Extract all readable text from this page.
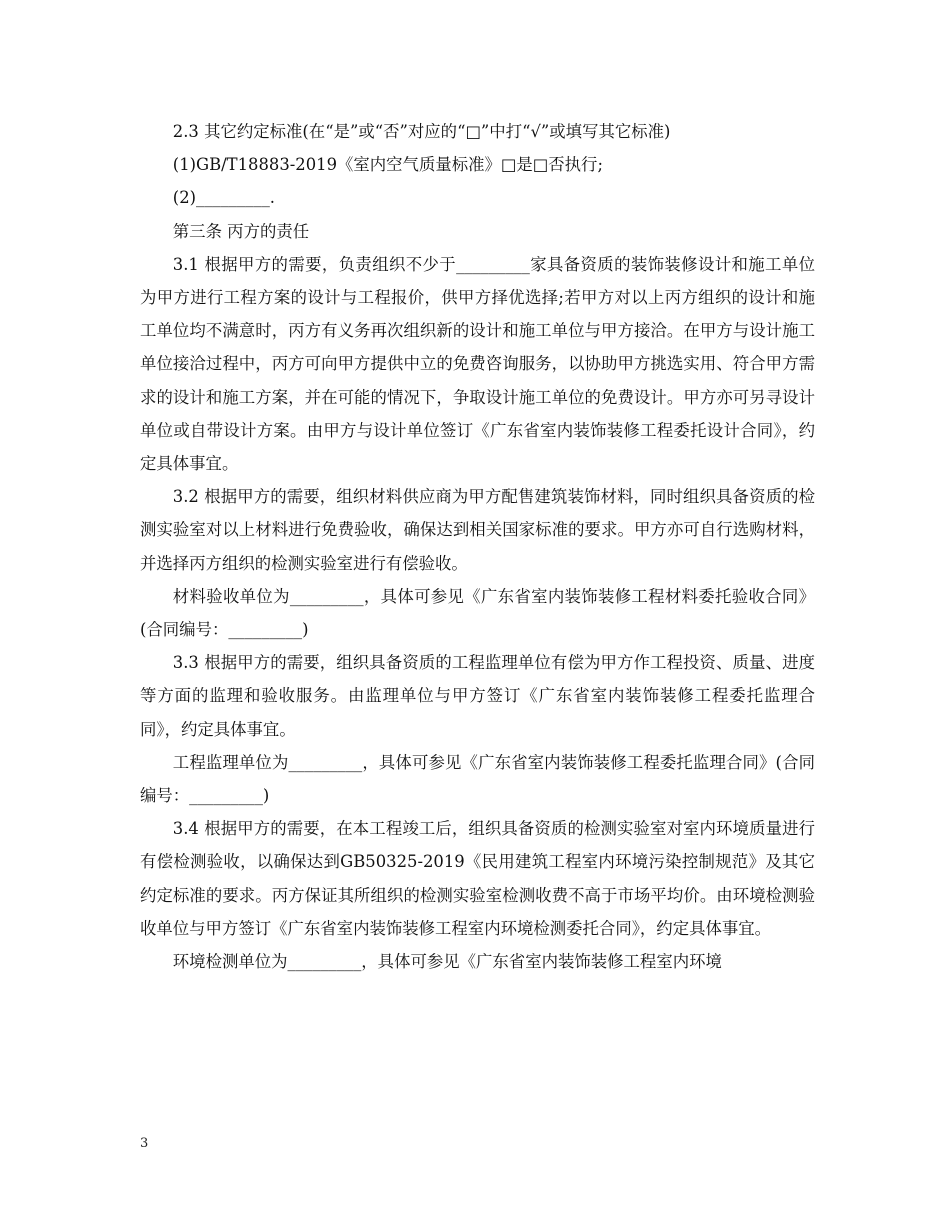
2.3 其它约定标准(在“是”或“否”对应的“□”中打“√”或填写其它标准)

(1)GB/T18883-2019《室内空气质量标准》□是□否执行;

(2)_________.

第三条 丙方的责任

3.1 根据甲方的需要，负责组织不少于_________家具备资质的装饰装修设计和施工单位为甲方进行工程方案的设计与工程报价，供甲方择优选择;若甲方对以上丙方组织的设计和施工单位均不满意时，丙方有义务再次组织新的设计和施工单位与甲方接洽。在甲方与设计施工单位接洽过程中，丙方可向甲方提供中立的免费咨询服务，以协助甲方挑选实用、符合甲方需求的设计和施工方案，并在可能的情况下，争取设计施工单位的免费设计。甲方亦可另寻设计单位或自带设计方案。由甲方与设计单位签订《广东省室内装饰装修工程委托设计合同》，约定具体事宜。

3.2 根据甲方的需要，组织材料供应商为甲方配售建筑装饰材料，同时组织具备资质的检测实验室对以上材料进行免费验收，确保达到相关国家标准的要求。甲方亦可自行选购材料，并选择丙方组织的检测实验室进行有偿验收。

材料验收单位为_________，具体可参见《广东省室内装饰装修工程材料委托验收合同》(合同编号：_________)

3.3 根据甲方的需要，组织具备资质的工程监理单位有偿为甲方作工程投资、质量、进度等方面的监理和验收服务。由监理单位与甲方签订《广东省室内装饰装修工程委托监理合同》，约定具体事宜。

工程监理单位为_________，具体可参见《广东省室内装饰装修工程委托监理合同》(合同编号：_________)

3.4 根据甲方的需要，在本工程竣工后，组织具备资质的检测实验室对室内环境质量进行有偿检测验收，以确保达到GB50325-2019《民用建筑工程室内环境污染控制规范》及其它约定标准的要求。丙方保证其所组织的检测实验室检测收费不高于市场平均价。由环境检测验收单位与甲方签订《广东省室内装饰装修工程室内环境检测委托合同》，约定具体事宜。

环境检测单位为_________，具体可参见《广东省室内装饰装修工程室内环境

3
